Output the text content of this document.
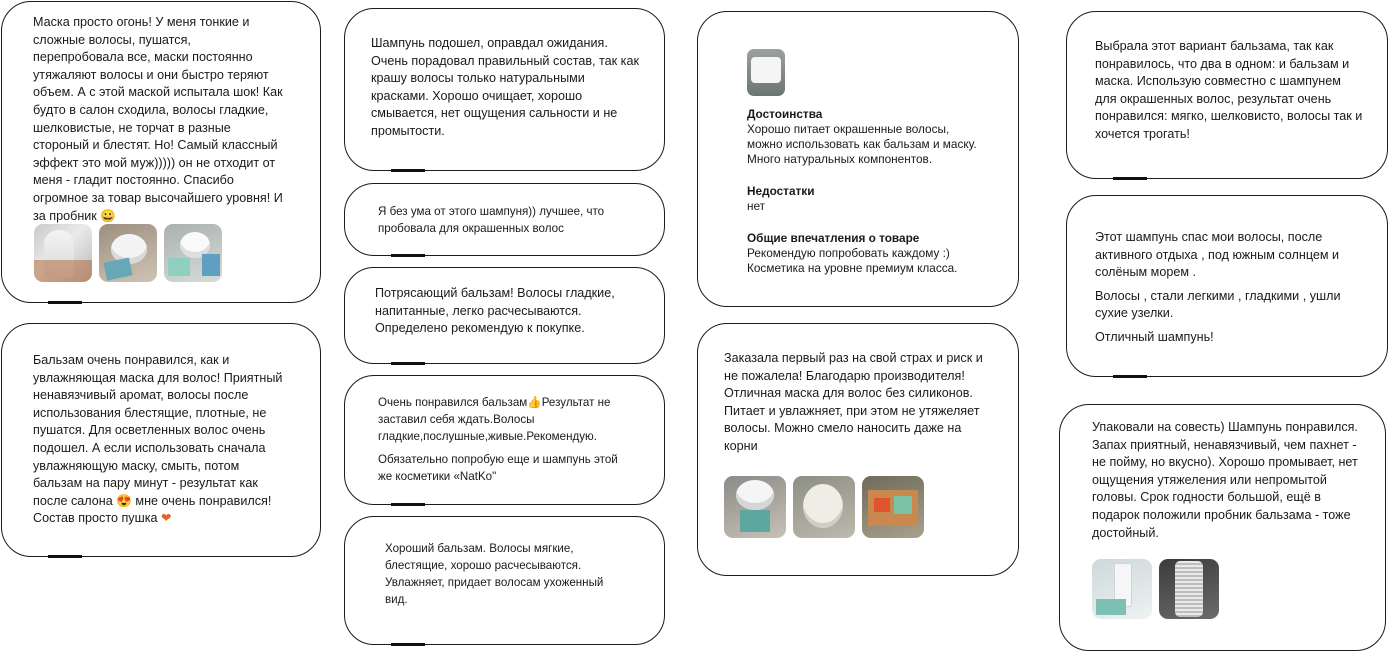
Маска просто огонь! У меня тонкие и сложные волосы, пушатся, перепробовала все, маски постоянно утяжаляют волосы и они быстро теряют объем. А с этой маской испытала шок! Как будто в салон сходила, волосы гладкие, шелковистые, не торчат в разные стороный и блестят. Но! Самый классный эффект это мой муж))))) он не отходит от меня - гладит постоянно. Спасибо огромное за товар высочайшего уровня! И за пробник 😀
Бальзам очень понравился, как и увлажняющая маска для волос! Приятный ненавязчивый аромат, волосы после использования блестящие, плотные, не пушатся. Для осветленных волос очень подошел. А если использовать сначала увлажняющую маску, смыть, потом бальзам на пару минут - результат как после салона 😍 мне очень понравился! Состав просто пушка ❤
Шампунь подошел, оправдал ожидания. Очень порадовал правильный состав, так как крашу волосы только натуральными красками. Хорошо очищает, хорошо смывается, нет ощущения сальности и не промытости.
Я без ума от этого шампуня)) лучшее, что пробовала для окрашенных волос
Потрясающий бальзам! Волосы гладкие, напитанные, легко расчесываются. Определено рекомендую к покупке.

Очень понравился бальзам👍Результат не заставил себя ждать.Волосы гладкие,послушные,живые.Рекомендую.

Обязательно попробую еще и шампунь этой же косметики «NatKo"

Хороший бальзам. Волосы мягкие, блестящие, хорошо расчесываются. Увлажняет, придает волосам ухоженный вид.
Достоинства
Хорошо питает окрашенные волосы, можно использовать как бальзам и маску. Много натуральных компонентов.
Недостатки
нет
Общие впечатления о товаре
Рекомендую попробовать каждому :) Косметика на уровне премиум класса.
Заказала первый раз на свой страх и риск и не пожалела! Благодарю производителя! Отличная маска для волос без силиконов. Питает и увлажняет, при этом не утяжеляет волосы. Можно смело наносить даже на корни
Выбрала этот вариант бальзама, так как понравилось, что два в одном: и бальзам и маска. Использую совместно с шампунем для окрашенных волос, результат очень понравился: мягко, шелковисто, волосы так и хочется трогать!

Этот шампунь спас мои волосы, после активного отдыха , под южным солнцем и солёным морем .

Волосы , стали легкими , гладкими , ушли сухие узелки.

Отличный шампунь!

Упаковали на совесть) Шампунь понравился. Запах приятный, ненавязчивый, чем пахнет - не пойму, но вкусно). Хорошо промывает, нет ощущения утяжеления или непромытой головы. Срок годности большой, ещё в подарок положили пробник бальзама - тоже достойный.
